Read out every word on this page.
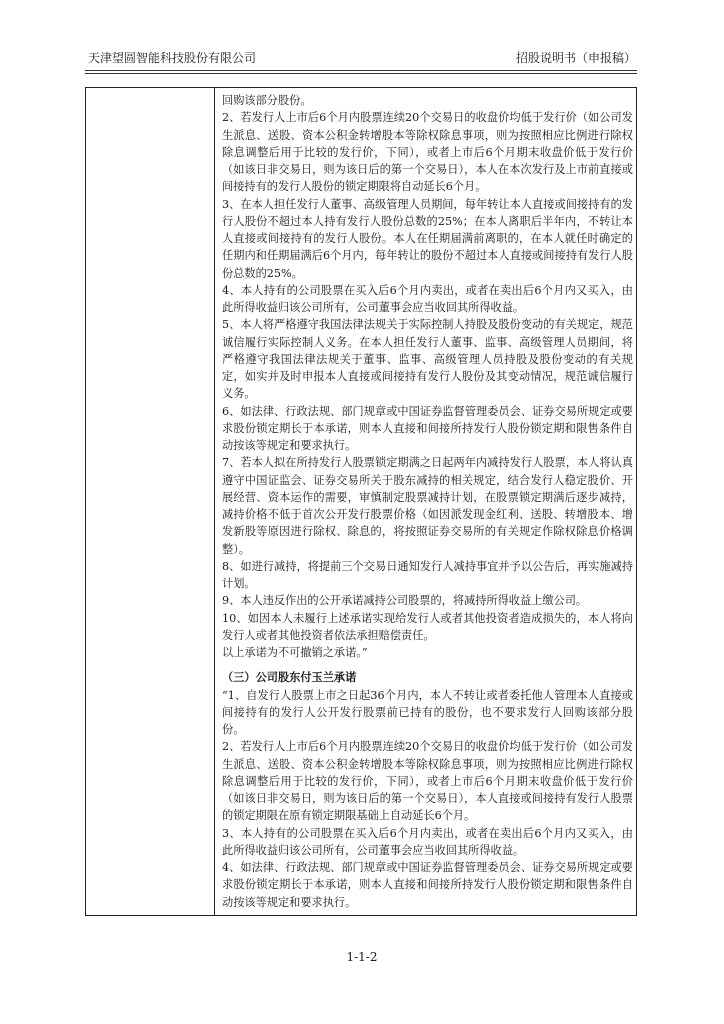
天津望圆智能科技股份有限公司	招股说明书（申报稿）

回购该部分股份。

2、若发行人上市后6个月内股票连续20个交易日的收盘价均低于发行价（如公司发生派息、送股、资本公积金转增股本等除权除息事项，则为按照相应比例进行除权除息调整后用于比较的发行价，下同），或者上市后6个月期末收盘价低于发行价（如该日非交易日，则为该日后的第一个交易日），本人在本次发行及上市前直接或间接持有的发行人股份的锁定期限将自动延长6个月。

3、在本人担任发行人董事、高级管理人员期间，每年转让本人直接或间接持有的发行人股份不超过本人持有发行人股份总数的25%；在本人离职后半年内，不转让本人直接或间接持有的发行人股份。本人在任期届满前离职的，在本人就任时确定的任期内和任期届满后6个月内，每年转让的股份不超过本人直接或间接持有发行人股份总数的25%。

4、本人持有的公司股票在买入后6个月内卖出，或者在卖出后6个月内又买入，由此所得收益归该公司所有，公司董事会应当收回其所得收益。

5、本人将严格遵守我国法律法规关于实际控制人持股及股份变动的有关规定，规范诚信履行实际控制人义务。在本人担任发行人董事、监事、高级管理人员期间，将严格遵守我国法律法规关于董事、监事、高级管理人员持股及股份变动的有关规定，如实并及时申报本人直接或间接持有发行人股份及其变动情况，规范诚信履行义务。

6、如法律、行政法规、部门规章或中国证券监督管理委员会、证券交易所规定或要求股份锁定期长于本承诺，则本人直接和间接所持发行人股份锁定期和限售条件自动按该等规定和要求执行。

7、若本人拟在所持发行人股票锁定期满之日起两年内减持发行人股票，本人将认真遵守中国证监会、证券交易所关于股东减持的相关规定，结合发行人稳定股价、开展经营、资本运作的需要，审慎制定股票减持计划，在股票锁定期满后逐步减持，减持价格不低于首次公开发行股票价格（如因派发现金红利、送股、转增股本、增发新股等原因进行除权、除息的，将按照证券交易所的有关规定作除权除息价格调整）。

8、如进行减持，将提前三个交易日通知发行人减持事宜并予以公告后，再实施减持计划。

9、本人违反作出的公开承诺减持公司股票的，将减持所得收益上缴公司。

10、如因本人未履行上述承诺实现给发行人或者其他投资者造成损失的，本人将向发行人或者其他投资者依法承担赔偿责任。

以上承诺为不可撤销之承诺。”

（三）公司股东付玉兰承诺

“1、自发行人股票上市之日起36个月内，本人不转让或者委托他人管理本人直接或间接持有的发行人公开发行股票前已持有的股份，也不要求发行人回购该部分股份。

2、若发行人上市后6个月内股票连续20个交易日的收盘价均低于发行价（如公司发生派息、送股、资本公积金转增股本等除权除息事项，则为按照相应比例进行除权除息调整后用于比较的发行价，下同），或者上市后6个月期末收盘价低于发行价（如该日非交易日，则为该日后的第一个交易日），本人直接或间接持有发行人股票的锁定期限在原有锁定期限基础上自动延长6个月。

3、本人持有的公司股票在买入后6个月内卖出，或者在卖出后6个月内又买入，由此所得收益归该公司所有，公司董事会应当收回其所得收益。

4、如法律、行政法规、部门规章或中国证券监督管理委员会、证券交易所规定或要求股份锁定期长于本承诺，则本人直接和间接所持发行人股份锁定期和限售条件自动按该等规定和要求执行。

1-1-2
